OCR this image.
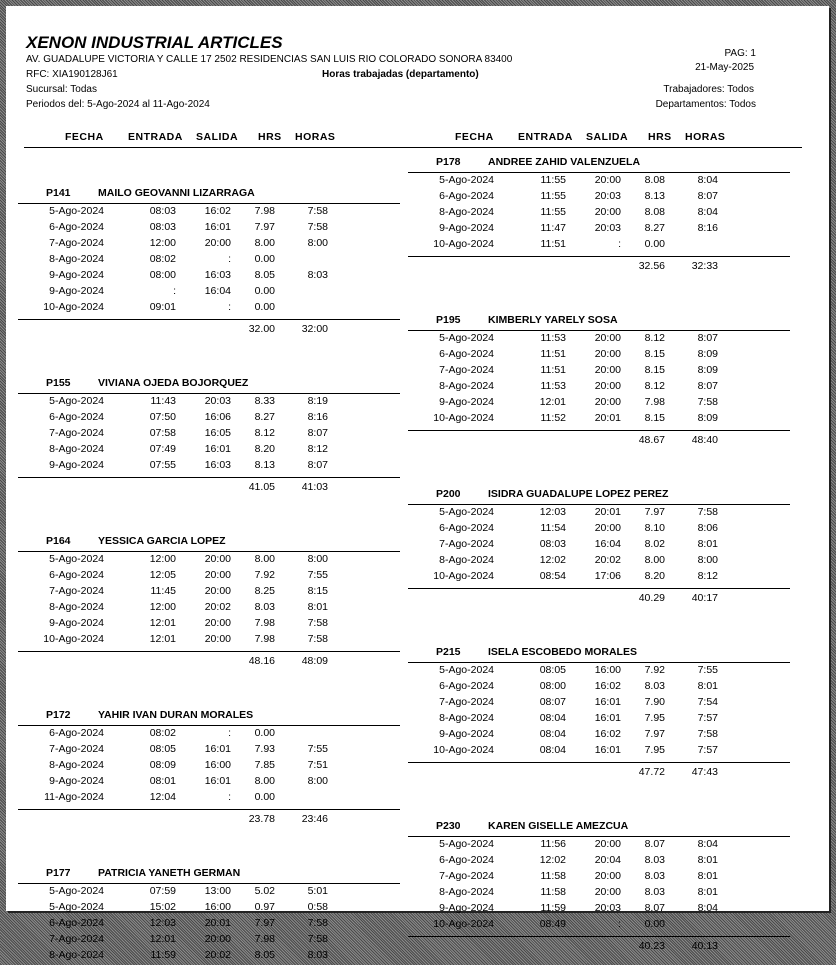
XENON INDUSTRIAL ARTICLES
AV. GUADALUPE VICTORIA Y CALLE 17 2502 RESIDENCIAS SAN LUIS RIO COLORADO SONORA 83400
RFC: XIA190128J61	Horas trabajadas (departamento)
Sucursal: Todas
Periodos del: 5-Ago-2024 al 11-Ago-2024
PAG: 1
21-May-2025
Trabajadores: Todos
Departamentos: Todos
FECHA ENTRADA SALIDA HRS HORAS	FECHA ENTRADA SALIDA HRS HORAS
P141	MAILO GEOVANNI LIZARRAGA
5-Ago-2024	08:03	16:02 7.98	7:58
6-Ago-2024	08:03	16:01 7.97	7:58
7-Ago-2024	12:00	20:00 8.00	8:00
8-Ago-2024	08:02	: 0.00
9-Ago-2024	08:00	16:03 8.05	8:03
9-Ago-2024	:	16:04 0.00
10-Ago-2024	09:01	: 0.00
32.00	32:00
P155	VIVIANA OJEDA BOJORQUEZ
5-Ago-2024	11:43	20:03 8.33	8:19
6-Ago-2024	07:50	16:06 8.27	8:16
7-Ago-2024	07:58	16:05 8.12	8:07
8-Ago-2024	07:49	16:01 8.20	8:12
9-Ago-2024	07:55	16:03 8.13	8:07
41.05	41:03
P164	YESSICA GARCIA LOPEZ
5-Ago-2024	12:00	20:00 8.00	8:00
6-Ago-2024	12:05	20:00 7.92	7:55
7-Ago-2024	11:45	20:00 8.25	8:15
8-Ago-2024	12:00	20:02 8.03	8:01
9-Ago-2024	12:01	20:00 7.98	7:58
10-Ago-2024	12:01	20:00 7.98	7:58
48.16	48:09
P172	YAHIR IVAN DURAN MORALES
6-Ago-2024	08:02	: 0.00
7-Ago-2024	08:05	16:01 7.93	7:55
8-Ago-2024	08:09	16:00 7.85	7:51
9-Ago-2024	08:01	16:01 8.00	8:00
11-Ago-2024	12:04	: 0.00
23.78	23:46
P177	PATRICIA YANETH GERMAN
5-Ago-2024	07:59	13:00 5.02	5:01
5-Ago-2024	15:02	16:00 0.97	0:58
6-Ago-2024	12:03	20:01 7.97	7:58
7-Ago-2024	12:01	20:00 7.98	7:58
8-Ago-2024	11:59	20:02 8.05	8:03
P178	ANDREE ZAHID VALENZUELA
5-Ago-2024	11:55	20:00 8.08	8:04
6-Ago-2024	11:55	20:03 8.13	8:07
8-Ago-2024	11:55	20:00 8.08	8:04
9-Ago-2024	11:47	20:03 8.27	8:16
10-Ago-2024	11:51	: 0.00
32.56	32:33
P195	KIMBERLY YARELY SOSA
5-Ago-2024	11:53	20:00 8.12	8:07
6-Ago-2024	11:51	20:00 8.15	8:09
7-Ago-2024	11:51	20:00 8.15	8:09
8-Ago-2024	11:53	20:00 8.12	8:07
9-Ago-2024	12:01	20:00 7.98	7:58
10-Ago-2024	11:52	20:01 8.15	8:09
48.67	48:40
P200	ISIDRA GUADALUPE LOPEZ PEREZ
5-Ago-2024	12:03	20:01 7.97	7:58
6-Ago-2024	11:54	20:00 8.10	8:06
7-Ago-2024	08:03	16:04 8.02	8:01
8-Ago-2024	12:02	20:02 8.00	8:00
10-Ago-2024	08:54	17:06 8.20	8:12
40.29	40:17
P215	ISELA ESCOBEDO MORALES
5-Ago-2024	08:05	16:00 7.92	7:55
6-Ago-2024	08:00	16:02 8.03	8:01
7-Ago-2024	08:07	16:01 7.90	7:54
8-Ago-2024	08:04	16:01 7.95	7:57
9-Ago-2024	08:04	16:02 7.97	7:58
10-Ago-2024	08:04	16:01 7.95	7:57
47.72	47:43
P230	KAREN GISELLE AMEZCUA
5-Ago-2024	11:56	20:00 8.07	8:04
6-Ago-2024	12:02	20:04 8.03	8:01
7-Ago-2024	11:58	20:00 8.03	8:01
8-Ago-2024	11:58	20:00 8.03	8:01
9-Ago-2024	11:59	20:03 8.07	8:04
10-Ago-2024	08:49	: 0.00
40.23	40:13
